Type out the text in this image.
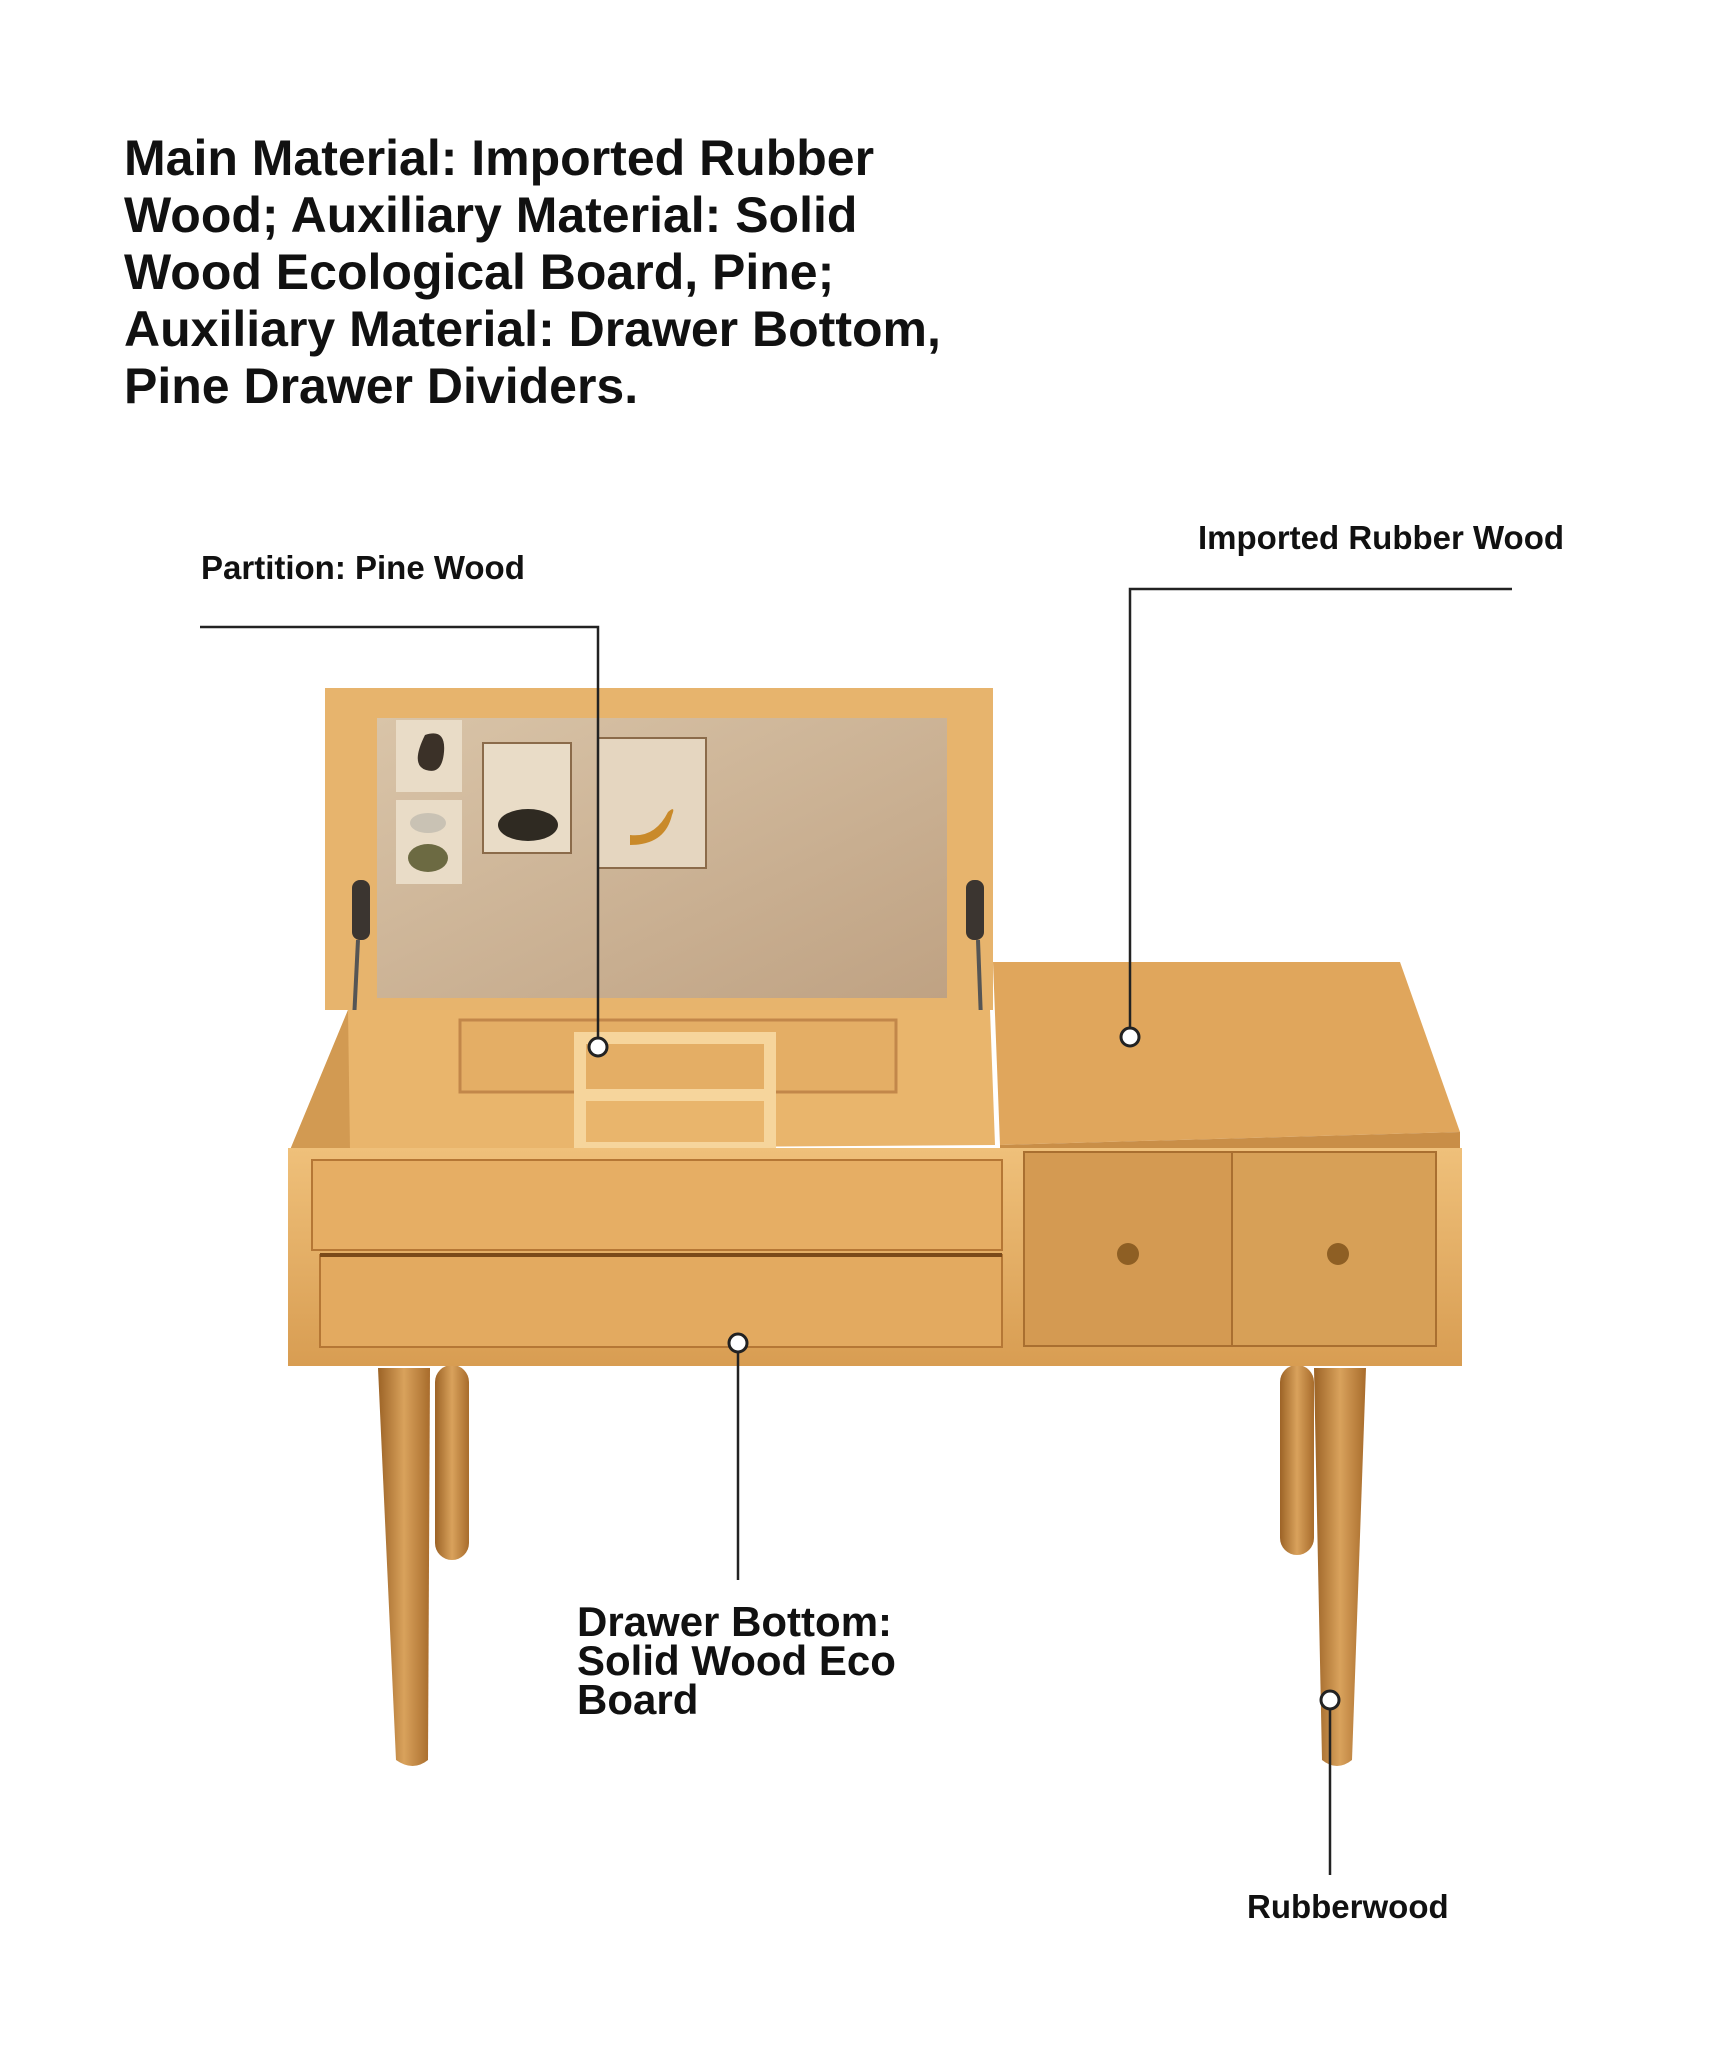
Main Material: Imported Rubber Wood; Auxiliary Material: Solid Wood Ecological Board, Pine; Auxiliary Material: Drawer Bottom, Pine Drawer Dividers.

Partition: Pine Wood

Imported Rubber Wood

Drawer Bottom: Solid Wood Eco Board

Rubberwood
